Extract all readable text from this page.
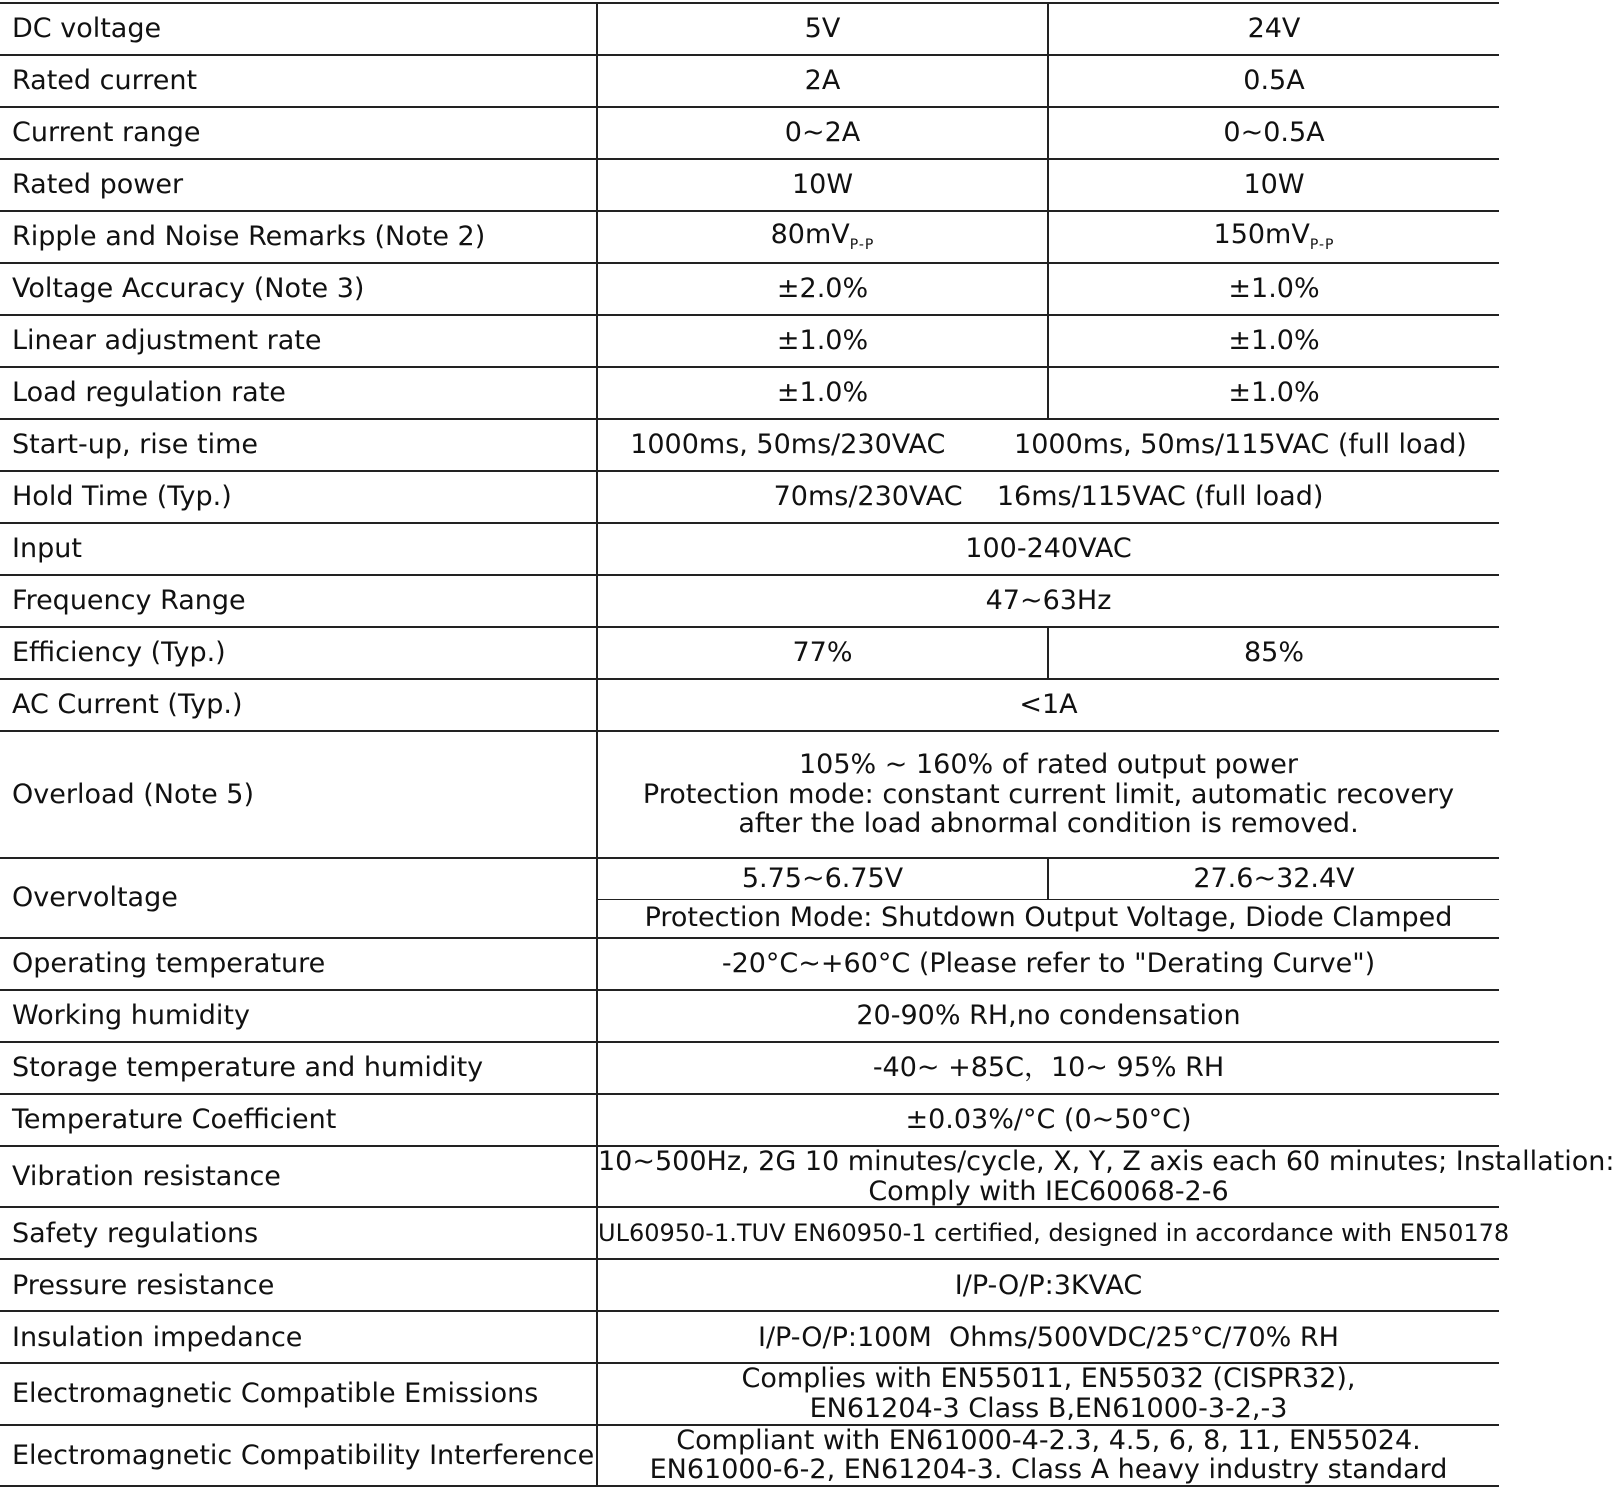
DC voltage	5V	24V
Rated current	2A	0.5A
Current range	0~2A	0~0.5A
Rated power	10W	10W
Ripple and Noise Remarks (Note 2)	$80mV_{P-P}$	$150mV_{P-P}$
Voltage Accuracy (Note 3)	±2.0%	±1.0%
Linear adjustment rate	±1.0%	±1.0%
Load regulation rate	±1.0%	±1.0%
Start-up, rise time	1000ms, 50ms/230VAC        1000ms, 50ms/115VAC (full load)	
Hold Time (Typ.)	70ms/230VAC    16ms/115VAC (full load)	
Input	100-240VAC	
Frequency Range	47~63Hz	
Efficiency (Typ.)	77%	85%
AC Current (Typ.)	<1A	
Overload (Note 5)	105% ~ 160% of rated output power
Protection mode: constant current limit, automatic recovery
after the load abnormal condition is removed.	

Overvoltage	5.75~6.75V	27.6~32.4V
	Protection Mode: Shutdown Output Voltage, Diode Clamped	
Operating temperature	-20°C~+60°C (Please refer to "Derating Curve")	
Working humidity	20-90% RH,no condensation	
Storage temperature and humidity	-40~ +85C，10~ 95% RH	
Temperature Coefficient	±0.03%/°C (0~50°C)	
Vibration resistance	10~500Hz, 2G 10 minutes/cycle, X, Y, Z axis each 60 minutes; Installation:
Comply with IEC60068-2-6	

Safety regulations	UL60950-1.TUV EN60950-1 certified, designed in accordance with EN50178	
Pressure resistance	I/P-O/P:3KVAC	
Insulation impedance	I/P-O/P:100M  Ohms/500VDC/25°C/70% RH	
Electromagnetic Compatible Emissions	Complies with EN55011, EN55032 (CISPR32),
EN61204-3 Class B,EN61000-3-2,-3	

Electromagnetic Compatibility Interference	Compliant with EN61000-4-2.3, 4.5, 6, 8, 11, EN55024.
EN61000-6-2, EN61204-3. Class A heavy industry standard	
